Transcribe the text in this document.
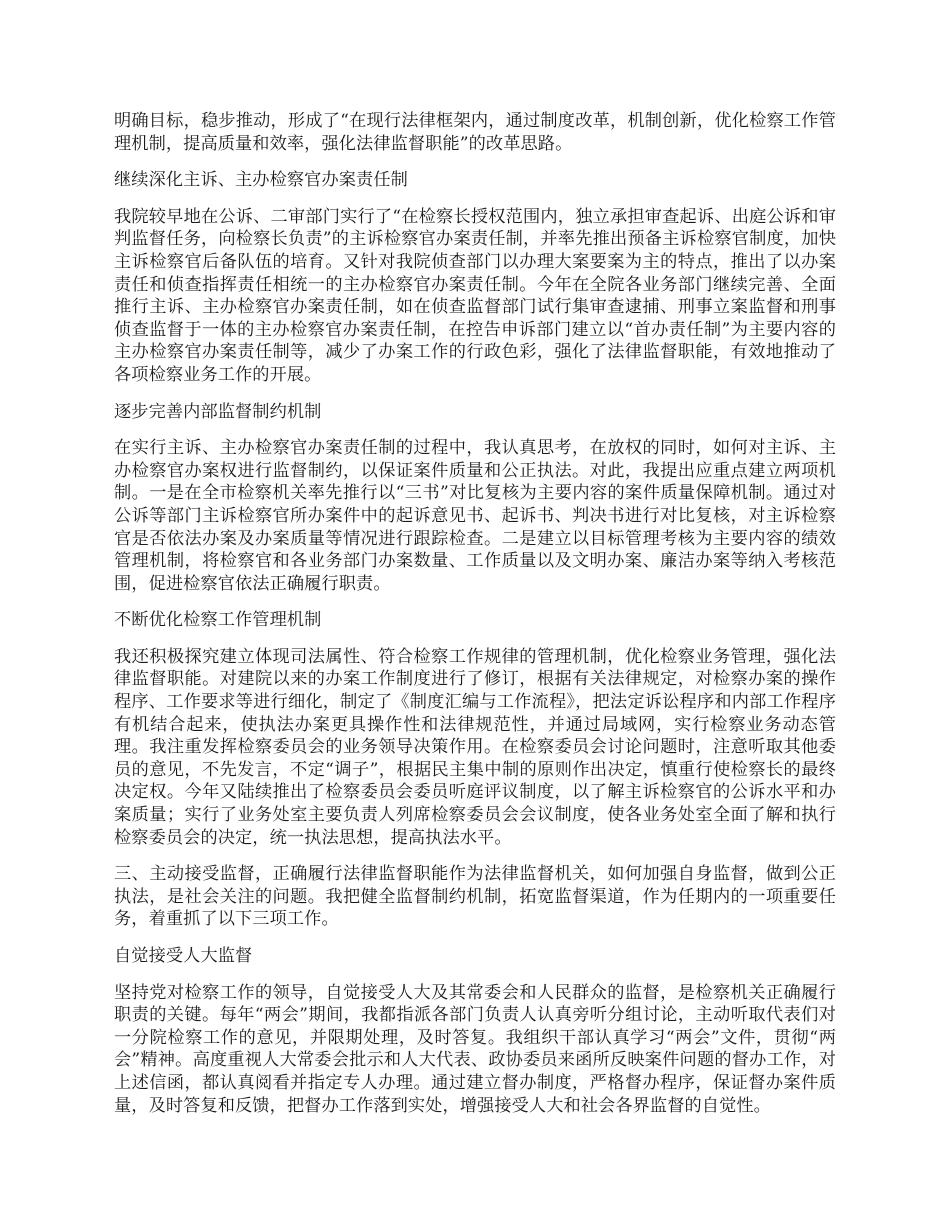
明确目标，稳步推动，形成了“在现行法律框架内，通过制度改革，机制创新，优化检察工作管理机制，提高质量和效率，强化法律监督职能”的改革思路。

继续深化主诉、主办检察官办案责任制

我院较早地在公诉、二审部门实行了“在检察长授权范围内，独立承担审查起诉、出庭公诉和审判监督任务，向检察长负责”的主诉检察官办案责任制，并率先推出预备主诉检察官制度，加快主诉检察官后备队伍的培育。又针对我院侦查部门以办理大案要案为主的特点，推出了以办案责任和侦查指挥责任相统一的主办检察官办案责任制。今年在全院各业务部门继续完善、全面推行主诉、主办检察官办案责任制，如在侦查监督部门试行集审查逮捕、刑事立案监督和刑事侦查监督于一体的主办检察官办案责任制，在控告申诉部门建立以“首办责任制”为主要内容的主办检察官办案责任制等，减少了办案工作的行政色彩，强化了法律监督职能，有效地推动了各项检察业务工作的开展。

逐步完善内部监督制约机制

在实行主诉、主办检察官办案责任制的过程中，我认真思考，在放权的同时，如何对主诉、主办检察官办案权进行监督制约，以保证案件质量和公正执法。对此，我提出应重点建立两项机制。一是在全市检察机关率先推行以“三书”对比复核为主要内容的案件质量保障机制。通过对公诉等部门主诉检察官所办案件中的起诉意见书、起诉书、判决书进行对比复核，对主诉检察官是否依法办案及办案质量等情况进行跟踪检查。二是建立以目标管理考核为主要内容的绩效管理机制，将检察官和各业务部门办案数量、工作质量以及文明办案、廉洁办案等纳入考核范围，促进检察官依法正确履行职责。

不断优化检察工作管理机制

我还积极探究建立体现司法属性、符合检察工作规律的管理机制，优化检察业务管理，强化法律监督职能。对建院以来的办案工作制度进行了修订，根据有关法律规定，对检察办案的操作程序、工作要求等进行细化，制定了《制度汇编与工作流程》，把法定诉讼程序和内部工作程序有机结合起来，使执法办案更具操作性和法律规范性，并通过局域网，实行检察业务动态管理。我注重发挥检察委员会的业务领导决策作用。在检察委员会讨论问题时，注意听取其他委员的意见，不先发言，不定“调子”，根据民主集中制的原则作出决定，慎重行使检察长的最终决定权。今年又陆续推出了检察委员会委员听庭评议制度，以了解主诉检察官的公诉水平和办案质量；实行了业务处室主要负责人列席检察委员会会议制度，使各业务处室全面了解和执行检察委员会的决定，统一执法思想，提高执法水平。

三、主动接受监督，正确履行法律监督职能作为法律监督机关，如何加强自身监督，做到公正执法，是社会关注的问题。我把健全监督制约机制，拓宽监督渠道，作为任期内的一项重要任务，着重抓了以下三项工作。

自觉接受人大监督

坚持党对检察工作的领导，自觉接受人大及其常委会和人民群众的监督，是检察机关正确履行职责的关键。每年“两会”期间，我都指派各部门负责人认真旁听分组讨论，主动听取代表们对一分院检察工作的意见，并限期处理，及时答复。我组织干部认真学习“两会”文件，贯彻“两会”精神。高度重视人大常委会批示和人大代表、政协委员来函所反映案件问题的督办工作，对上述信函，都认真阅看并指定专人办理。通过建立督办制度，严格督办程序，保证督办案件质量，及时答复和反馈，把督办工作落到实处，增强接受人大和社会各界监督的自觉性。
